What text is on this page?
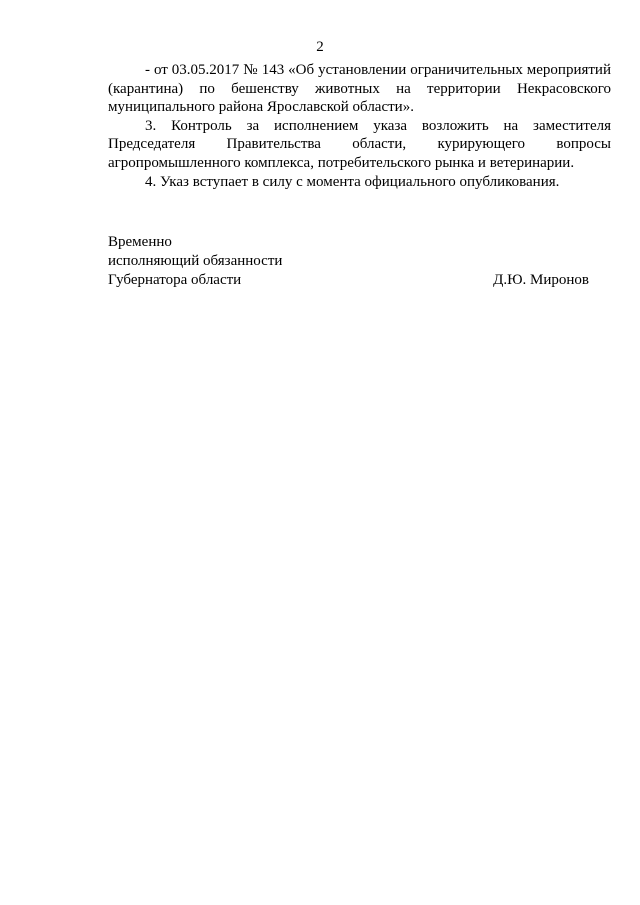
2

- от 03.05.2017 № 143 «Об установлении ограничительных мероприятий (карантина) по бешенству животных на территории Некрасовского муниципального района Ярославской области».

3. Контроль за исполнением указа возложить на заместителя Председателя Правительства области, курирующего вопросы агропромышленного комплекса, потребительского рынка и ветеринарии.

4. Указ вступает в силу с момента официального опубликования.

Временно
исполняющий обязанности
Губернатора области	Д.Ю. Миронов
